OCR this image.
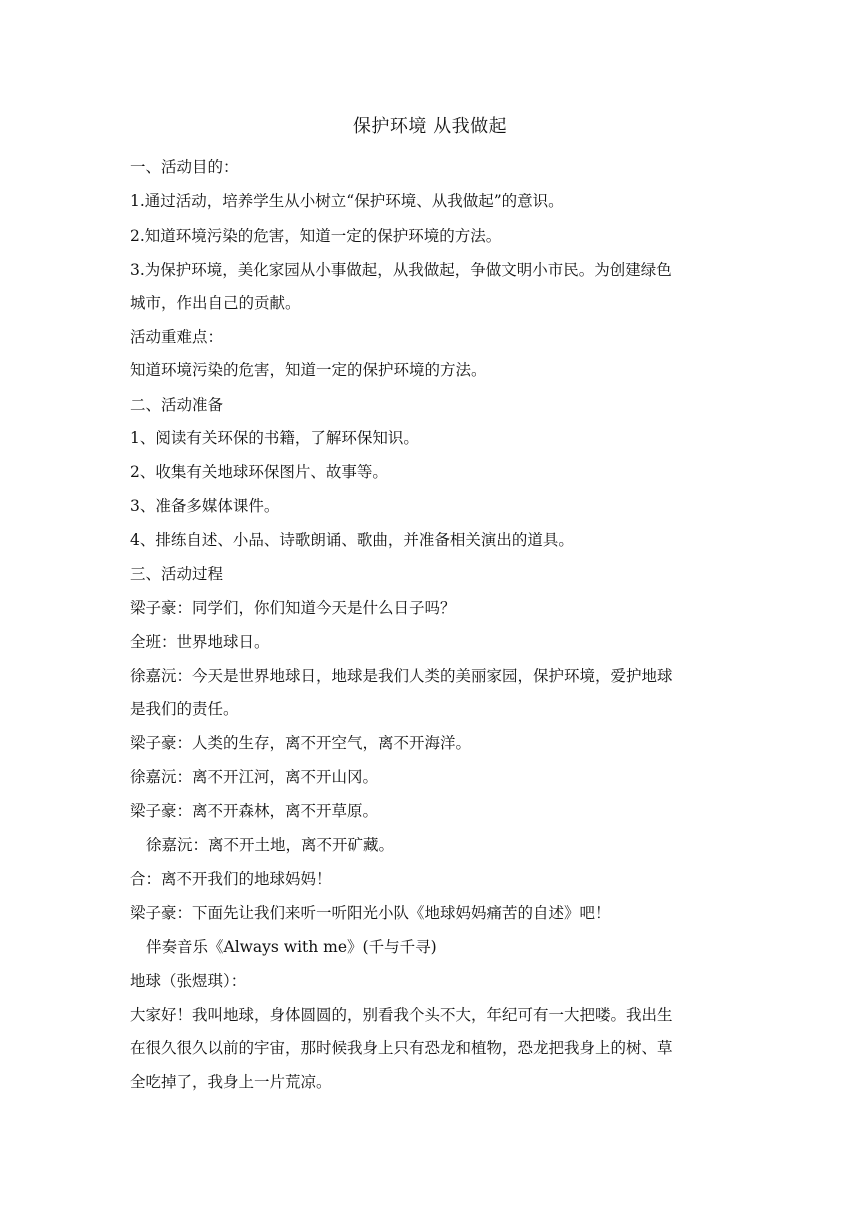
保护环境 从我做起
一、活动目的：
1.通过活动，培养学生从小树立“保护环境、从我做起”的意识。
2.知道环境污染的危害，知道一定的保护环境的方法。
3.为保护环境，美化家园从小事做起，从我做起，争做文明小市民。为创建绿色
城市，作出自己的贡献。
活动重难点：
知道环境污染的危害，知道一定的保护环境的方法。
二、活动准备
1、阅读有关环保的书籍，了解环保知识。
2、收集有关地球环保图片、故事等。
3、准备多媒体课件。
4、排练自述、小品、诗歌朗诵、歌曲，并准备相关演出的道具。
三、活动过程
梁子豪：同学们，你们知道今天是什么日子吗？
全班：世界地球日。
徐嘉沅：今天是世界地球日，地球是我们人类的美丽家园，保护环境，爱护地球
是我们的责任。
梁子豪：人类的生存，离不开空气，离不开海洋。
徐嘉沅：离不开江河，离不开山冈。
梁子豪：离不开森林，离不开草原。
徐嘉沅：离不开土地，离不开矿藏。
合：离不开我们的地球妈妈！
梁子豪：下面先让我们来听一听阳光小队《地球妈妈痛苦的自述》吧！
伴奏音乐《Always with me》(千与千寻)
地球（张煜琪）：
大家好！我叫地球，身体圆圆的，别看我个头不大，年纪可有一大把喽。我出生
在很久很久以前的宇宙，那时候我身上只有恐龙和植物，恐龙把我身上的树、草
全吃掉了，我身上一片荒凉。
